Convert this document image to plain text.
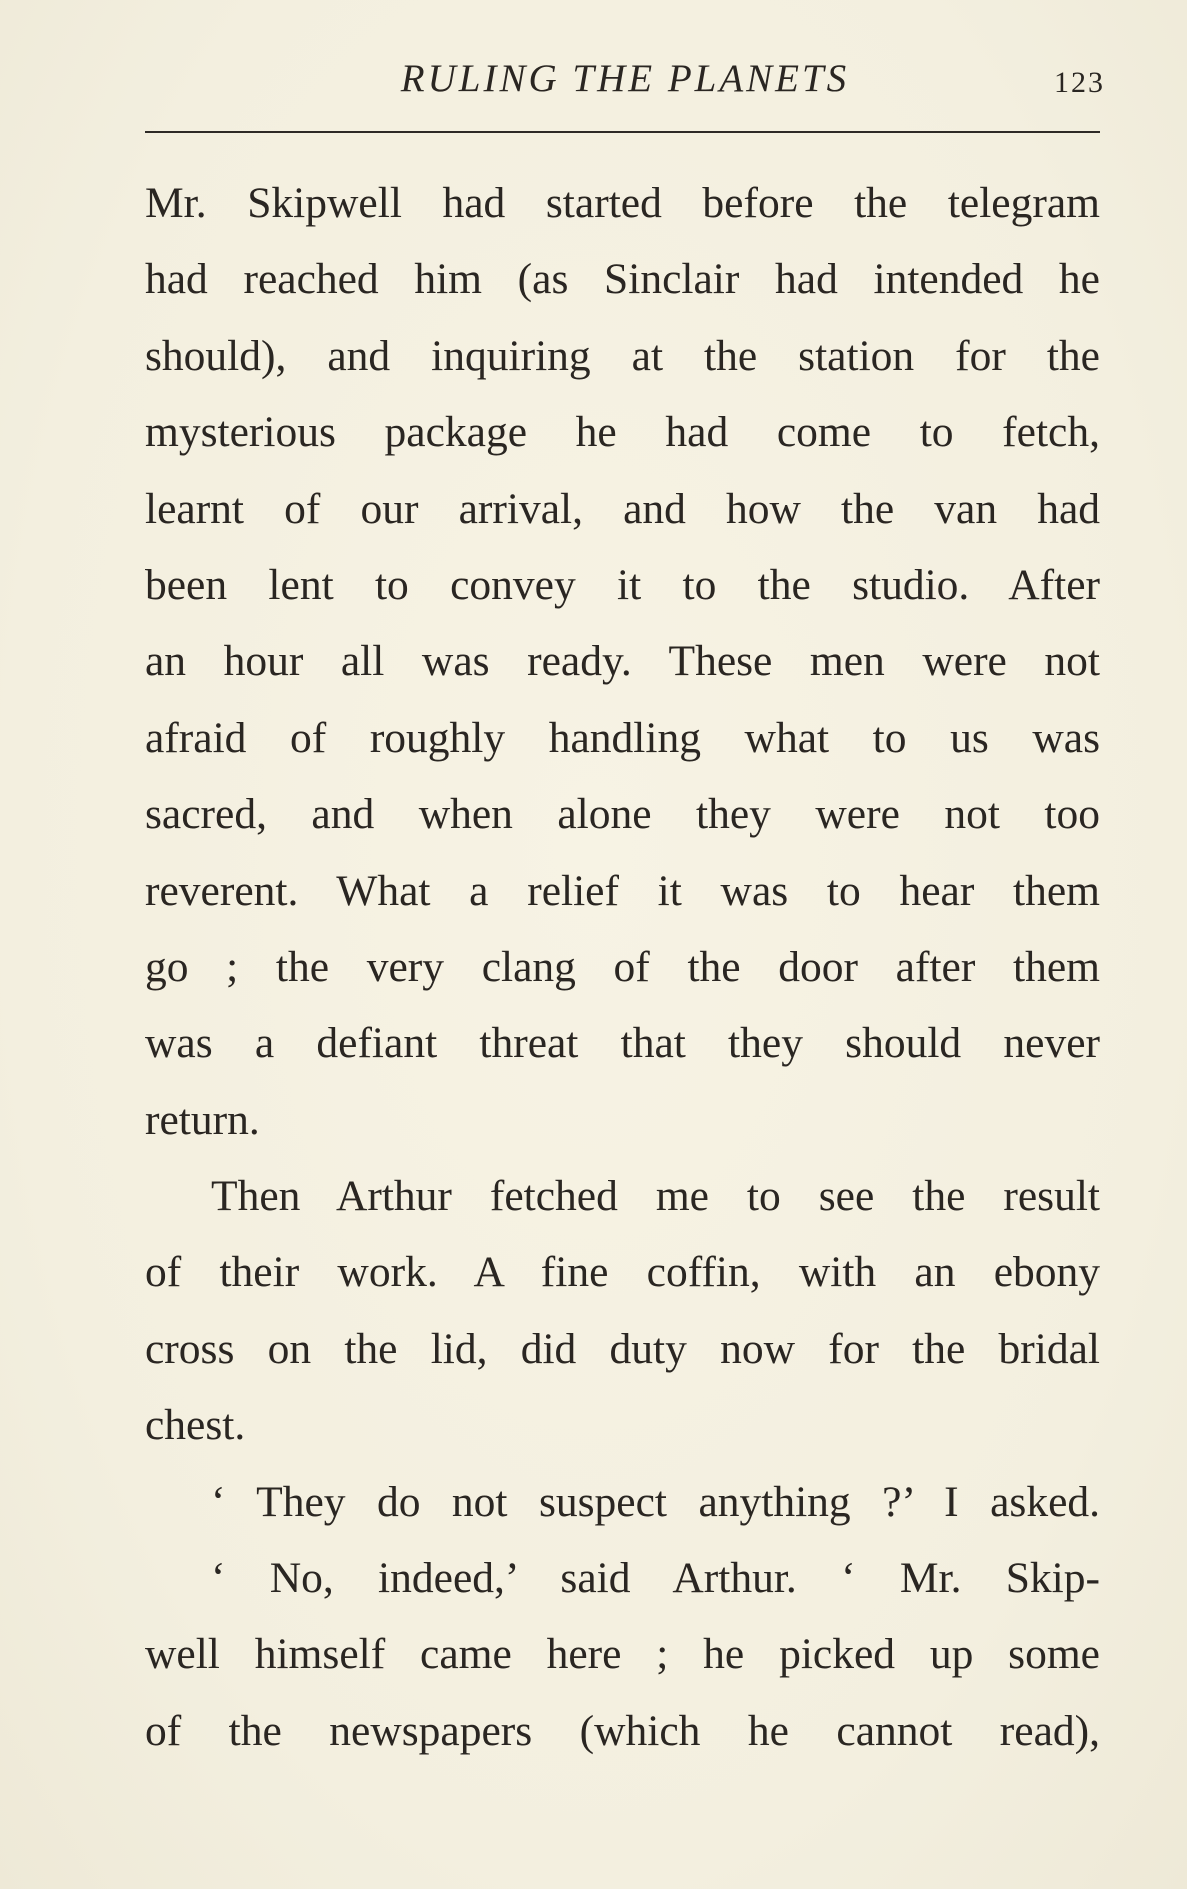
RULING THE PLANETS	123
Mr. Skipwell had started before the telegram
had reached him (as Sinclair had intended he
should), and inquiring at the station for the
mysterious package he had come to fetch,
learnt of our arrival, and how the van had
been lent to convey it to the studio. After
an hour all was ready. These men were not
afraid of roughly handling what to us was
sacred, and when alone they were not too
reverent. What a relief it was to hear them
go ; the very clang of the door after them
was a defiant threat that they should never
return.
Then Arthur fetched me to see the result
of their work. A fine coffin, with an ebony
cross on the lid, did duty now for the bridal
chest.
‘ They do not suspect anything ?’ I asked.
‘ No, indeed,’ said Arthur. ‘ Mr. Skip-
well himself came here ; he picked up some
of the newspapers (which he cannot read),
